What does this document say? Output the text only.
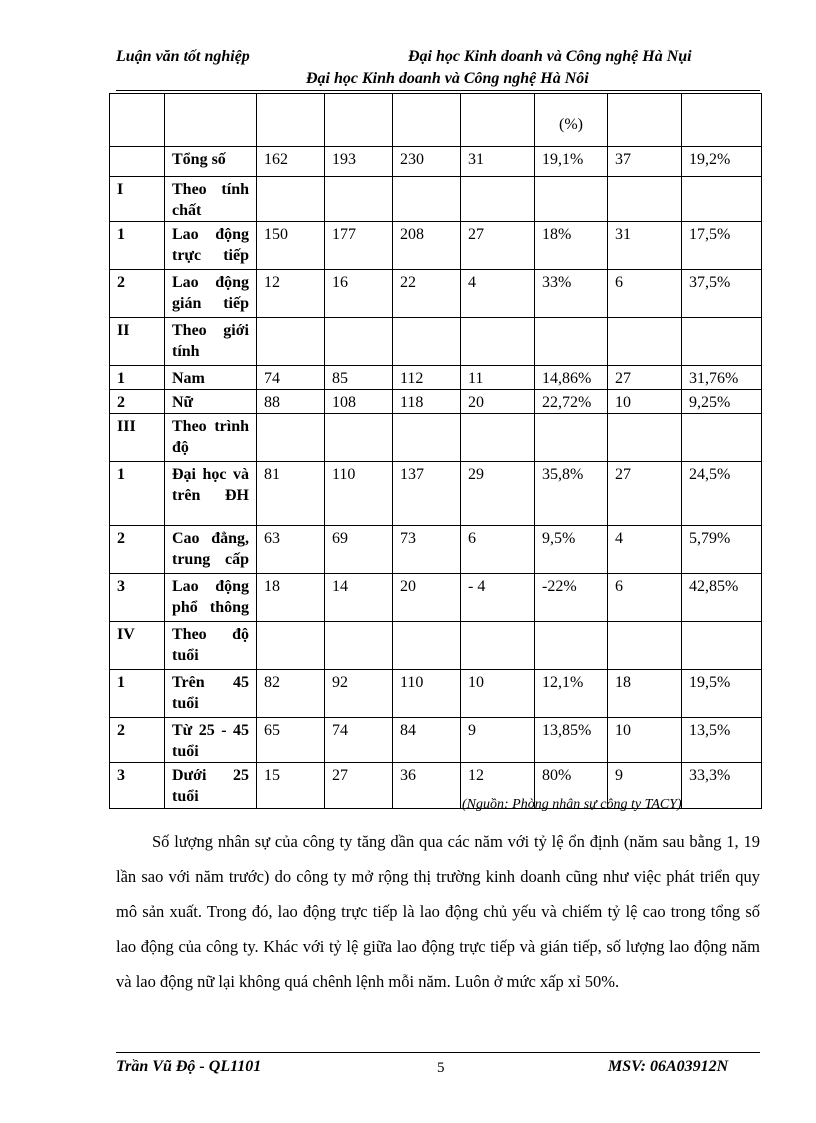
Luận văn tốt nghiệp	Đại học Kinh doanh và Công nghệ Hà Nụi
Đại học Kinh doanh và Công nghệ Hà Nôi
						(%)		
	Tổng số	162	193	230	31	19,1%	37	19,2%
I	Theo tính chất							
1	Lao động trực tiếp	150	177	208	27	18%	31	17,5%
2	Lao động gián tiếp	12	16	22	4	33%	6	37,5%
II	Theo giới tính							
1	Nam	74	85	112	11	14,86%	27	31,76%
2	Nữ	88	108	118	20	22,72%	10	9,25%
III	Theo trình độ							
1	Đại học và trên ĐH	81	110	137	29	35,8%	27	24,5%
2	Cao đẳng, trung cấp	63	69	73	6	9,5%	4	5,79%
3	Lao động phổ thông	18	14	20	- 4	-22%	6	42,85%
IV	Theo độ tuổi							
1	Trên 45 tuổi	82	92	110	10	12,1%	18	19,5%
2	Từ 25 - 45 tuổi	65	74	84	9	13,85%	10	13,5%
3	Dưới 25 tuổi	15	27	36	12	80%	9	33,3%
(Nguồn: Phòng nhân sự công ty TACY)
Số lượng nhân sự của công ty tăng dần qua các năm với tỷ lệ ổn định (năm sau bằng 1, 19 lần sao với năm trước) do công ty mở rộng thị trường kinh doanh cũng như việc phát triển quy mô sản xuất. Trong đó, lao động trực tiếp là lao động chủ yếu và chiếm tỷ lệ cao trong tổng số lao động của công ty. Khác với tỷ lệ giữa lao động trực tiếp và gián tiếp, số lượng lao động năm và lao động nữ lại không quá chênh lệnh mỗi năm. Luôn ở mức xấp xỉ 50%.
Trần Vũ Độ - QL1101	5	MSV: 06A03912N
